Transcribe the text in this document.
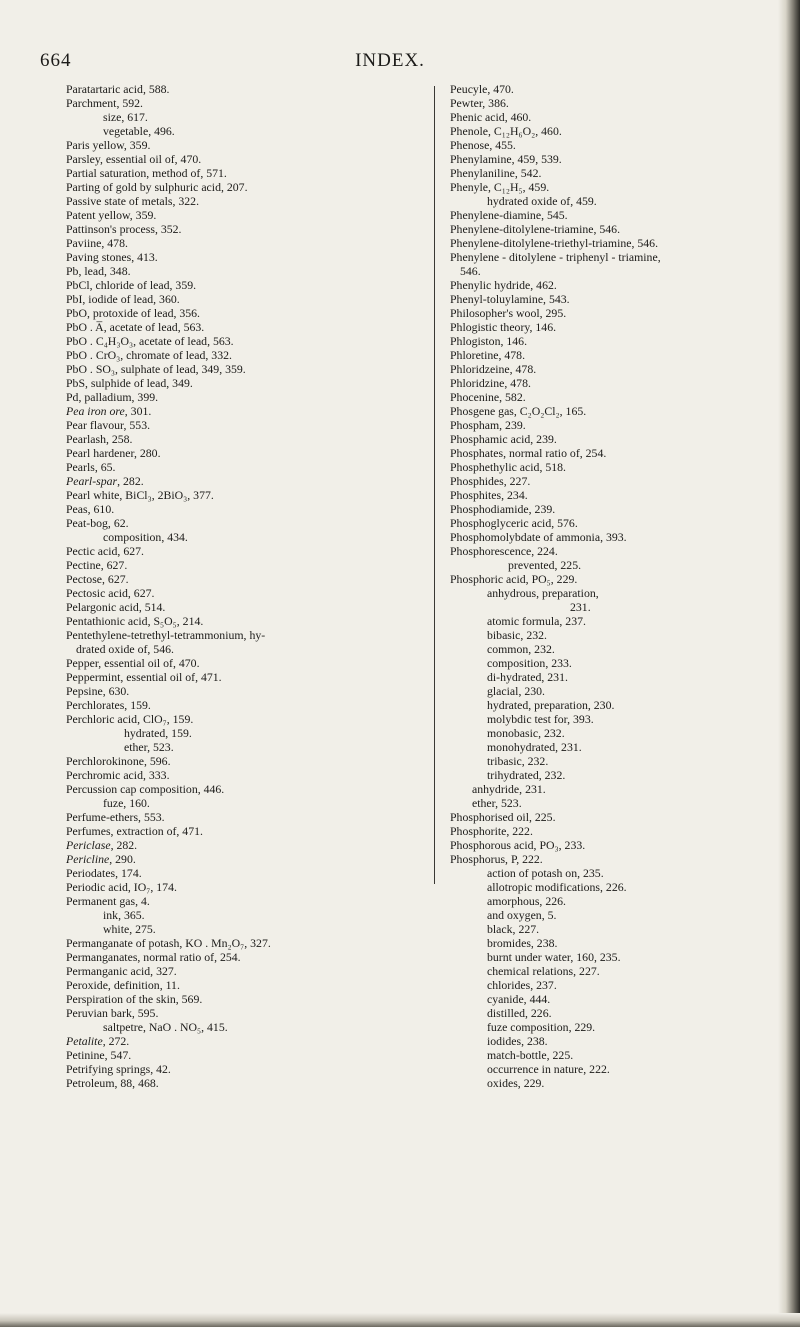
664	INDEX.
Paratartaric acid, 588.
Parchment, 592.
size, 617.
vegetable, 496.
Paris yellow, 359.
Parsley, essential oil of, 470.
Partial saturation, method of, 571.
Parting of gold by sulphuric acid, 207.
Passive state of metals, 322.
Patent yellow, 359.
Pattinson's process, 352.
Paviine, 478.
Paving stones, 413.
Pb, lead, 348.
PbCl, chloride of lead, 359.
PbI, iodide of lead, 360.
PbO, protoxide of lead, 356.
PbO . A̅, acetate of lead, 563.
PbO . C₄H₃O₃, acetate of lead, 563.
PbO . CrO₃, chromate of lead, 332.
PbO . SO₃, sulphate of lead, 349, 359.
PbS, sulphide of lead, 349.
Pd, palladium, 399.
Pea iron ore, 301.
Pear flavour, 553.
Pearlash, 258.
Pearl hardener, 280.
Pearls, 65.
Pearl-spar, 282.
Pearl white, BiCl₃, 2BiO₃, 377.
Peas, 610.
Peat-bog, 62.
composition, 434.
Pectic acid, 627.
Pectine, 627.
Pectose, 627.
Pectosic acid, 627.
Pelargonic acid, 514.
Pentathionic acid, S₅O₅, 214.
Pentethylene-tetrethyl-tetrammonium, hy-
drated oxide of, 546.
Pepper, essential oil of, 470.
Peppermint, essential oil of, 471.
Pepsine, 630.
Perchlorates, 159.
Perchloric acid, ClO₇, 159.
hydrated, 159.
ether, 523.
Perchlorokinone, 596.
Perchromic acid, 333.
Percussion cap composition, 446.
fuze, 160.
Perfume-ethers, 553.
Perfumes, extraction of, 471.
Periclase, 282.
Pericline, 290.
Periodates, 174.
Periodic acid, IO₇, 174.
Permanent gas, 4.
ink, 365.
white, 275.
Permanganate of potash, KO . Mn₂O₇, 327.
Permanganates, normal ratio of, 254.
Permanganic acid, 327.
Peroxide, definition, 11.
Perspiration of the skin, 569.
Peruvian bark, 595.
saltpetre, NaO . NO₅, 415.
Petalite, 272.
Petinine, 547.
Petrifying springs, 42.
Petroleum, 88, 468.
Peucyle, 470.
Pewter, 386.
Phenic acid, 460.
Phenole, C₁₂H₆O₂, 460.
Phenose, 455.
Phenylamine, 459, 539.
Phenylaniline, 542.
Phenyle, C₁₂H₅, 459.
hydrated oxide of, 459.
Phenylene-diamine, 545.
Phenylene-ditolylene-triamine, 546.
Phenylene-ditolylene-triethyl-triamine, 546.
Phenylene - ditolylene - triphenyl - triamine,
546.
Phenylic hydride, 462.
Phenyl-toluylamine, 543.
Philosopher's wool, 295.
Phlogistic theory, 146.
Phlogiston, 146.
Phloretine, 478.
Phloridzeine, 478.
Phloridzine, 478.
Phocenine, 582.
Phosgene gas, C₂O₂Cl₂, 165.
Phospham, 239.
Phosphamic acid, 239.
Phosphates, normal ratio of, 254.
Phosphethylic acid, 518.
Phosphides, 227.
Phosphites, 234.
Phosphodiamide, 239.
Phosphoglyceric acid, 576.
Phosphomolybdate of ammonia, 393.
Phosphorescence, 224.
prevented, 225.
Phosphoric acid, PO₅, 229.
anhydrous, preparation,
231.
atomic formula, 237.
bibasic, 232.
common, 232.
composition, 233.
di-hydrated, 231.
glacial, 230.
hydrated, preparation, 230.
molybdic test for, 393.
monobasic, 232.
monohydrated, 231.
tribasic, 232.
trihydrated, 232.
anhydride, 231.
ether, 523.
Phosphorised oil, 225.
Phosphorite, 222.
Phosphorous acid, PO₃, 233.
Phosphorus, P, 222.
action of potash on, 235.
allotropic modifications, 226.
amorphous, 226.
and oxygen, 5.
black, 227.
bromides, 238.
burnt under water, 160, 235.
chemical relations, 227.
chlorides, 237.
cyanide, 444.
distilled, 226.
fuze composition, 229.
iodides, 238.
match-bottle, 225.
occurrence in nature, 222.
oxides, 229.
